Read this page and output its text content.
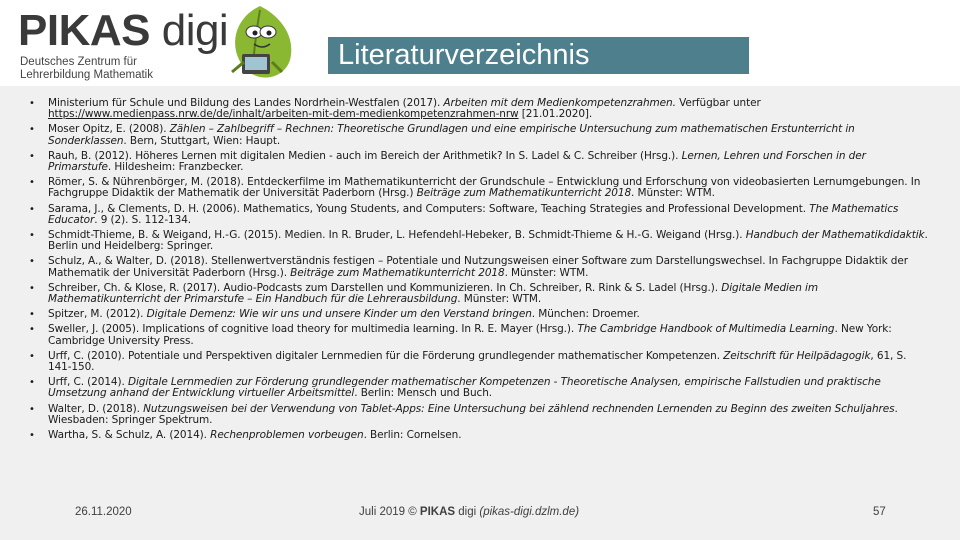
PIKAS digi
Deutsches Zentrum für
Lehrerbildung Mathematik
Literaturverzeichnis
• Ministerium für Schule und Bildung des Landes Nordrhein-Westfalen (2017). Arbeiten mit dem Medienkompetenzrahmen. Verfügbar unter https://www.medienpass.nrw.de/de/inhalt/arbeiten-mit-dem-medienkompetenzrahmen-nrw [21.01.2020].
• Moser Opitz, E. (2008). Zählen – Zahlbegriff – Rechnen: Theoretische Grundlagen und eine empirische Untersuchung zum mathematischen Erstunterricht in Sonderklassen. Bern, Stuttgart, Wien: Haupt.
• Rauh, B. (2012). Höheres Lernen mit digitalen Medien - auch im Bereich der Arithmetik? In S. Ladel & C. Schreiber (Hrsg.). Lernen, Lehren und Forschen in der Primarstufe. Hildesheim: Franzbecker.
• Römer, S. & Nührenbörger, M. (2018). Entdeckerfilme im Mathematikunterricht der Grundschule – Entwicklung und Erforschung von videobasierten Lernumgebungen. In Fachgruppe Didaktik der Mathematik der Universität Paderborn (Hrsg.) Beiträge zum Mathematikunterricht 2018. Münster: WTM.
• Sarama, J., & Clements, D. H. (2006). Mathematics, Young Students, and Computers: Software, Teaching Strategies and Professional Development. The Mathematics Educator. 9 (2). S. 112-134.
• Schmidt-Thieme, B. & Weigand, H.-G. (2015). Medien. In R. Bruder, L. Hefendehl-Hebeker, B. Schmidt-Thieme & H.-G. Weigand (Hrsg.). Handbuch der Mathematikdidaktik. Berlin und Heidelberg: Springer.
• Schulz, A., & Walter, D. (2018). Stellenwertverständnis festigen – Potentiale und Nutzungsweisen einer Software zum Darstellungswechsel. In Fachgruppe Didaktik der Mathematik der Universität Paderborn (Hrsg.). Beiträge zum Mathematikunterricht 2018. Münster: WTM.
• Schreiber, Ch. & Klose, R. (2017). Audio-Podcasts zum Darstellen und Kommunizieren. In Ch. Schreiber, R. Rink & S. Ladel (Hrsg.). Digitale Medien im Mathematikunterricht der Primarstufe – Ein Handbuch für die Lehrerausbildung. Münster: WTM.
• Spitzer, M. (2012). Digitale Demenz: Wie wir uns und unsere Kinder um den Verstand bringen. München: Droemer.
• Sweller, J. (2005). Implications of cognitive load theory for multimedia learning. In R. E. Mayer (Hrsg.). The Cambridge Handbook of Multimedia Learning. New York: Cambridge University Press.
• Urff, C. (2010). Potentiale und Perspektiven digitaler Lernmedien für die Förderung grundlegender mathematischer Kompetenzen. Zeitschrift für Heilpädagogik, 61, S. 141-150.
• Urff, C. (2014). Digitale Lernmedien zur Förderung grundlegender mathematischer Kompetenzen - Theoretische Analysen, empirische Fallstudien und praktische Umsetzung anhand der Entwicklung virtueller Arbeitsmittel. Berlin: Mensch und Buch.
• Walter, D. (2018). Nutzungsweisen bei der Verwendung von Tablet-Apps: Eine Untersuchung bei zählend rechnenden Lernenden zu Beginn des zweiten Schuljahres. Wiesbaden: Springer Spektrum.
• Wartha, S. & Schulz, A. (2014). Rechenproblemen vorbeugen. Berlin: Cornelsen.
26.11.2020	Juli 2019 © PIKAS digi (pikas-digi.dzlm.de)	57
